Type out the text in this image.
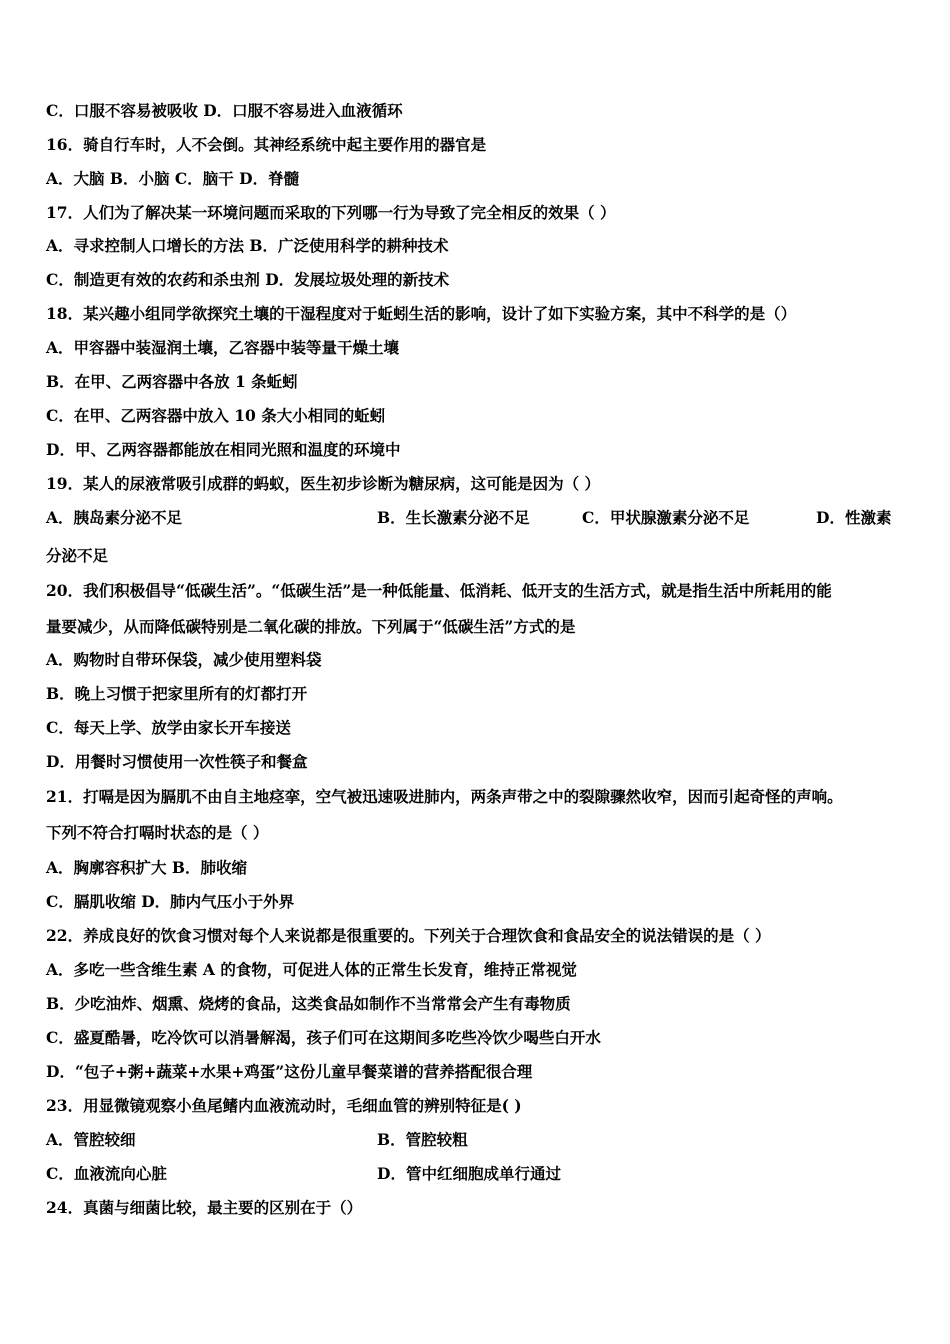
C．口服不容易被吸收 D．口服不容易进入血液循环
16．骑自行车时，人不会倒。其神经系统中起主要作用的器官是
A．大脑 B．小脑 C．脑干 D．脊髓
17．人们为了解决某一环境问题而采取的下列哪一行为导致了完全相反的效果（ ）
A．寻求控制人口增长的方法 B．广泛使用科学的耕种技术
C．制造更有效的农药和杀虫剂 D．发展垃圾处理的新技术
18．某兴趣小组同学欲探究土壤的干湿程度对于蚯蚓生活的影响，设计了如下实验方案，其中不科学的是（）
A．甲容器中装湿润土壤，乙容器中装等量干燥土壤
B．在甲、乙两容器中各放 1 条蚯蚓
C．在甲、乙两容器中放入 10 条大小相同的蚯蚓
D．甲、乙两容器都能放在相同光照和温度的环境中
19．某人的尿液常吸引成群的蚂蚁，医生初步诊断为糖尿病，这可能是因为（ ）
A．胰岛素分泌不足	B．生长激素分泌不足	C．甲状腺激素分泌不足	D．性激素
分泌不足
20．我们积极倡导“低碳生活”。“低碳生活”是一种低能量、低消耗、低开支的生活方式，就是指生活中所耗用的能
量要减少，从而降低碳特别是二氧化碳的排放。下列属于“低碳生活”方式的是
A．购物时自带环保袋，减少使用塑料袋
B．晚上习惯于把家里所有的灯都打开
C．每天上学、放学由家长开车接送
D．用餐时习惯使用一次性筷子和餐盒
21．打嗝是因为膈肌不由自主地痉挛，空气被迅速吸进肺内，两条声带之中的裂隙骤然收窄，因而引起奇怪的声响。
下列不符合打嗝时状态的是（ ）
A．胸廓容积扩大 B．肺收缩
C．膈肌收缩 D．肺内气压小于外界
22．养成良好的饮食习惯对每个人来说都是很重要的。下列关于合理饮食和食品安全的说法错误的是（ ）
A．多吃一些含维生素 A 的食物，可促进人体的正常生长发育，维持正常视觉
B．少吃油炸、烟熏、烧烤的食品，这类食品如制作不当常常会产生有毒物质
C．盛夏酷暑，吃冷饮可以消暑解渴，孩子们可在这期间多吃些冷饮少喝些白开水
D．“包子+粥+蔬菜+水果+鸡蛋”这份儿童早餐菜谱的营养搭配很合理
23．用显微镜观察小鱼尾鳍内血液流动时，毛细血管的辨别特征是( )
A．管腔较细	B．管腔较粗
C．血液流向心脏	D．管中红细胞成单行通过
24．真菌与细菌比较，最主要的区别在于（）
